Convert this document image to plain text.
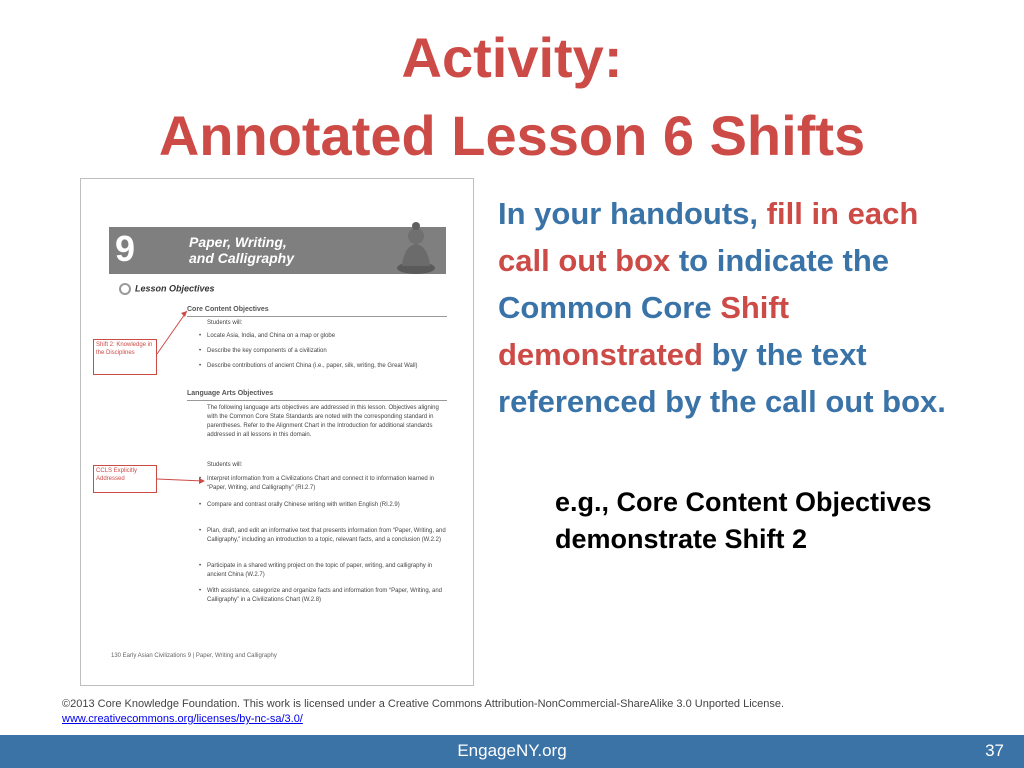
Activity:
Annotated Lesson 6 Shifts
9	Paper, Writing,
and Calligraphy
Lesson Objectives
Core Content Objectives
Students will:
• Locate Asia, India, and China on a map or globe
• Describe the key components of a civilization
• Describe contributions of ancient China (i.e., paper, silk, writing, the Great Wall)
Language Arts Objectives
The following language arts objectives are addressed in this lesson. Objectives aligning with the Common Core State Standards are noted with the corresponding standard in parentheses. Refer to the Alignment Chart in the Introduction for additional standards addressed in all lessons in this domain.
Students will:
• Interpret information from a Civilizations Chart and connect it to information learned in “Paper, Writing, and Calligraphy” (RI.2.7)
• Compare and contrast orally Chinese writing with written English (RI.2.9)
• Plan, draft, and edit an informative text that presents information from “Paper, Writing, and Calligraphy,” including an introduction to a topic, relevant facts, and a conclusion (W.2.2)
• Participate in a shared writing project on the topic of paper, writing, and calligraphy in ancient China (W.2.7)
• With assistance, categorize and organize facts and information from “Paper, Writing, and Calligraphy” in a Civilizations Chart (W.2.8)
Shift 2: Knowledge in the Disciplines
CCLS Explicitly Addressed
130 Early Asian Civilizations 9 | Paper, Writing and Calligraphy
In your handouts, fill in each call out box to indicate the Common Core Shift demonstrated by the text referenced by the call out box.
e.g., Core Content Objectives demonstrate Shift 2
©2013 Core Knowledge Foundation. This work is licensed under a Creative Commons Attribution-NonCommercial-ShareAlike 3.0 Unported License.
www.creativecommons.org/licenses/by-nc-sa/3.0/
EngageNY.org	37
